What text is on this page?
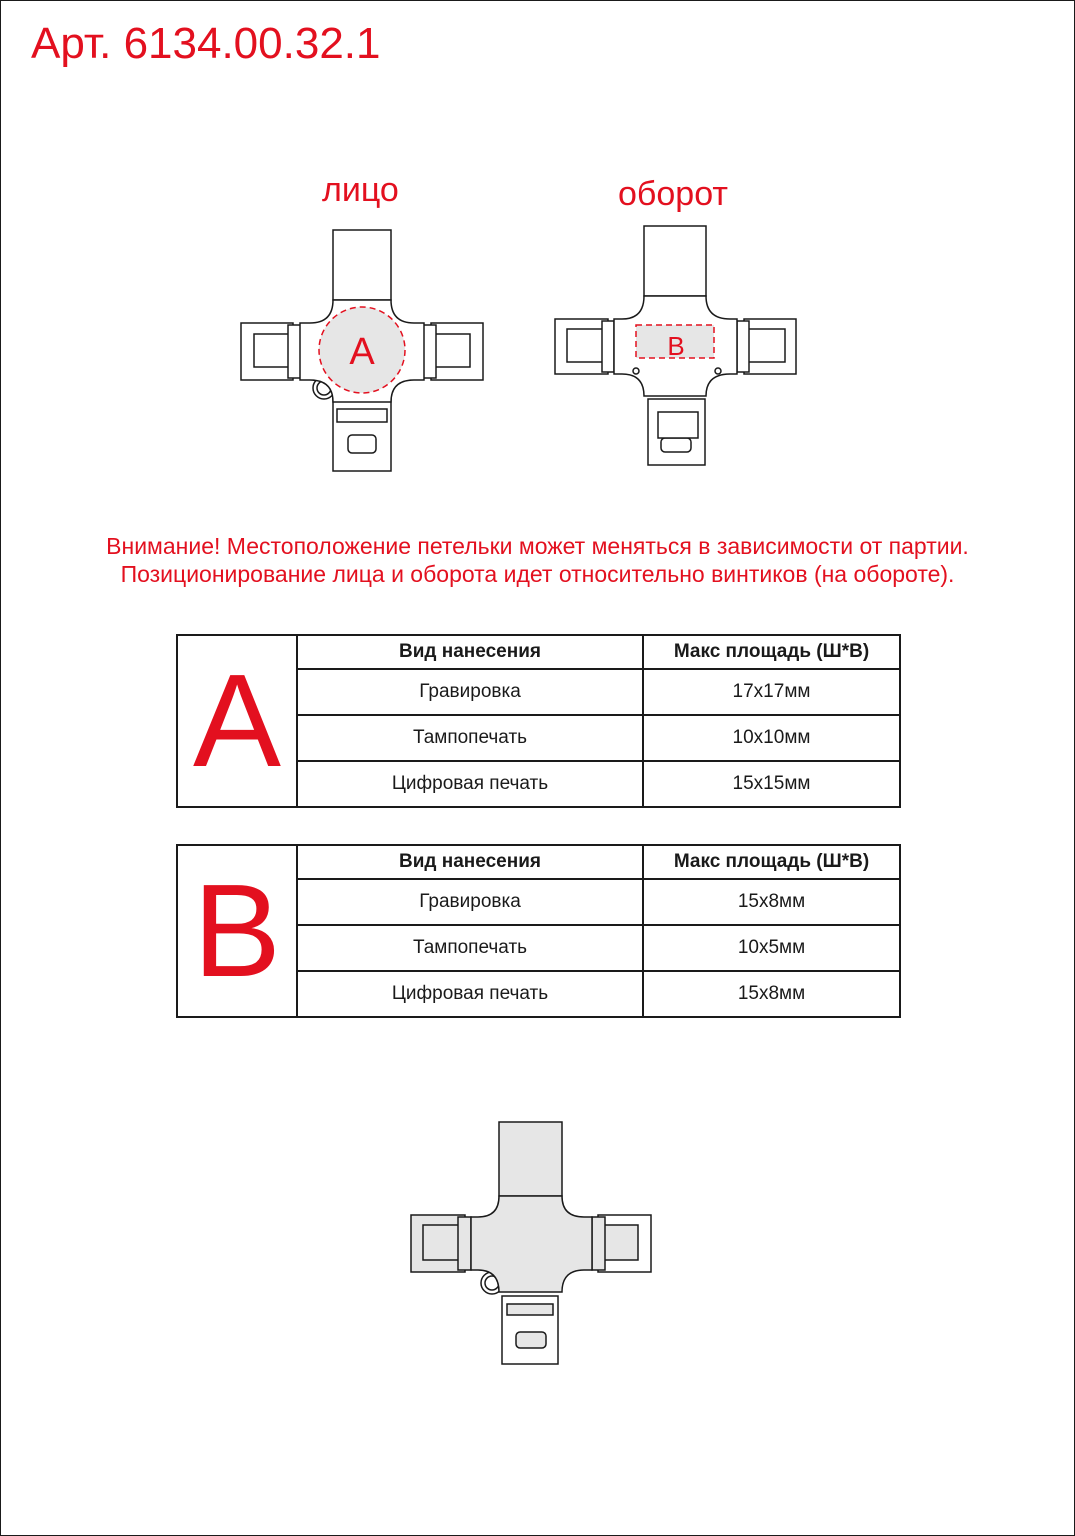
Арт. 6134.00.32.1
лицо	оборот
A	B
Внимание! Местоположение петельки может меняться в зависимости от партии.
Позиционирование лица и оборота идет относительно винтиков (на обороте).
A	Вид нанесения	Макс площадь (Ш*В)
	Гравировка	17х17мм
	Тампопечать	10х10мм
	Цифровая печать	15х15мм
B	Вид нанесения	Макс площадь (Ш*В)
	Гравировка	15х8мм
	Тампопечать	10х5мм
	Цифровая печать	15х8мм
